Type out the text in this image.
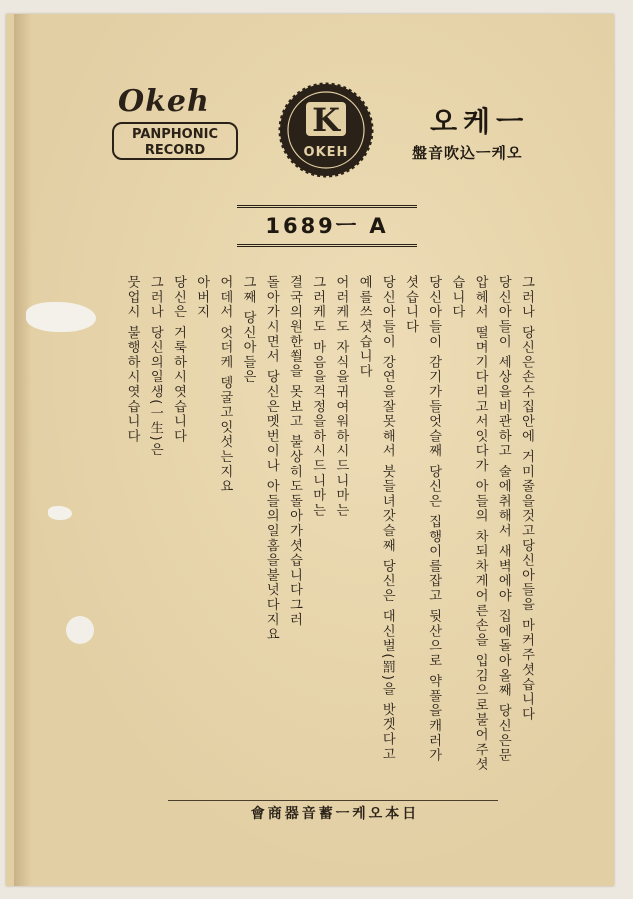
Okeh
PANPHONIC
RECORD
K
OKEH
오케ㅡ
盤音吹込ㅡ케오
1689ㅡ A
그러나 당신은손수집안에 거미줄을것고당신아들을 마커주셧습니다
당신아들이 세상을비관하고 술에취해서 새벽에야 집에돌아올째 당신은문
압헤서 떨며기다리고서잇다가 아들의 차되차게어른손을 입김으로불어주셧
습니다
당신아들이 감기가들엇슬째 당신은 집행이를잡고 뒷산으로 약풀을캐러가
셧습니다
당신아들이 강연을잘못해서 붓들녀갓슬째 당신은 대신벌(罰)을 밧겟다고
예를쓰셧습니다
어러케도 자식을귀여워하시드니마는
그러케도 마음을걱정을하시드니마는
결국의원한쐴을 못보고 불상히도돌아가셧습니다그러
돌아가시면서 당신은멧번이나 아들의일홈을불넛다지요
그째 당신아들은
어데서 엇더케 뎅굴고잇섯는지요
아버지
당신은 거룩하시엿습니다
그러나 당신의일생(一生)은
뭇업시 불행하시엿습니다
會商器音蓄ㅡ케오本日
